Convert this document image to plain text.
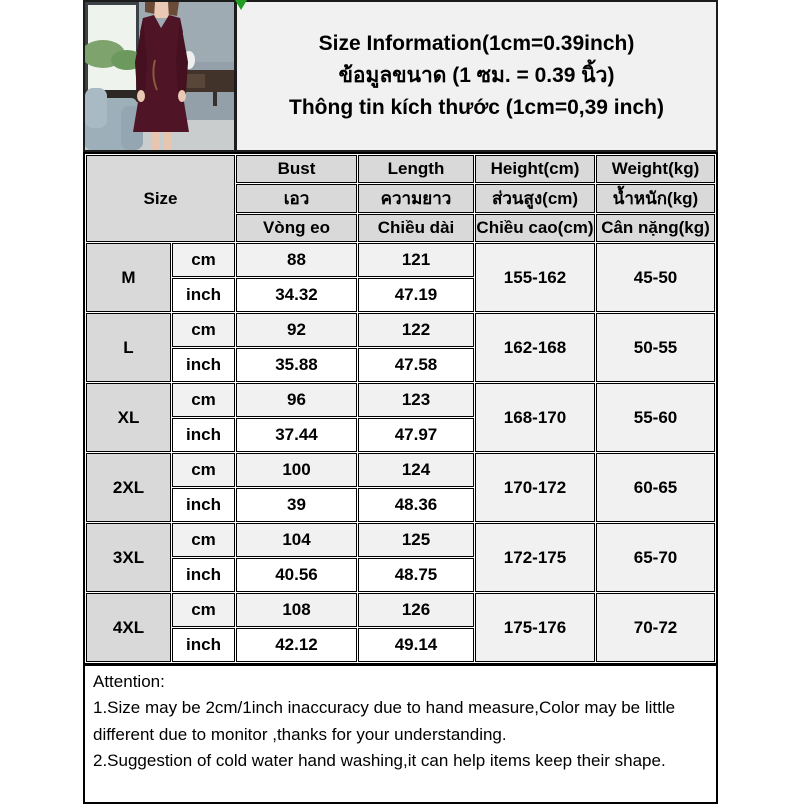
Size Information(1cm=0.39inch)
ข้อมูลขนาด (1 ซม. = 0.39 นิ้ว)
Thông tin kích thước (1cm=0,39 inch)
Size		Bust	Length	Height(cm)	Weight(kg)
		เอว	ความยาว	ส่วนสูง(cm)	น้ำหนัก(kg)
		Vòng eo	Chiều dài	Chiều cao(cm)	Cân nặng(kg)
M	cm	88	121	155-162	45-50
	inch	34.32	47.19		
L	cm	92	122	162-168	50-55
	inch	35.88	47.58		
XL	cm	96	123	168-170	55-60
	inch	37.44	47.97		
2XL	cm	100	124	170-172	60-65
	inch	39	48.36		
3XL	cm	104	125	172-175	65-70
	inch	40.56	48.75		
4XL	cm	108	126	175-176	70-72
	inch	42.12	49.14		
Attention:
1.Size may be 2cm/1inch inaccuracy due to hand measure,Color may be little different due to monitor ,thanks for your understanding.
2.Suggestion of cold water hand washing,it can help items keep their shape.
